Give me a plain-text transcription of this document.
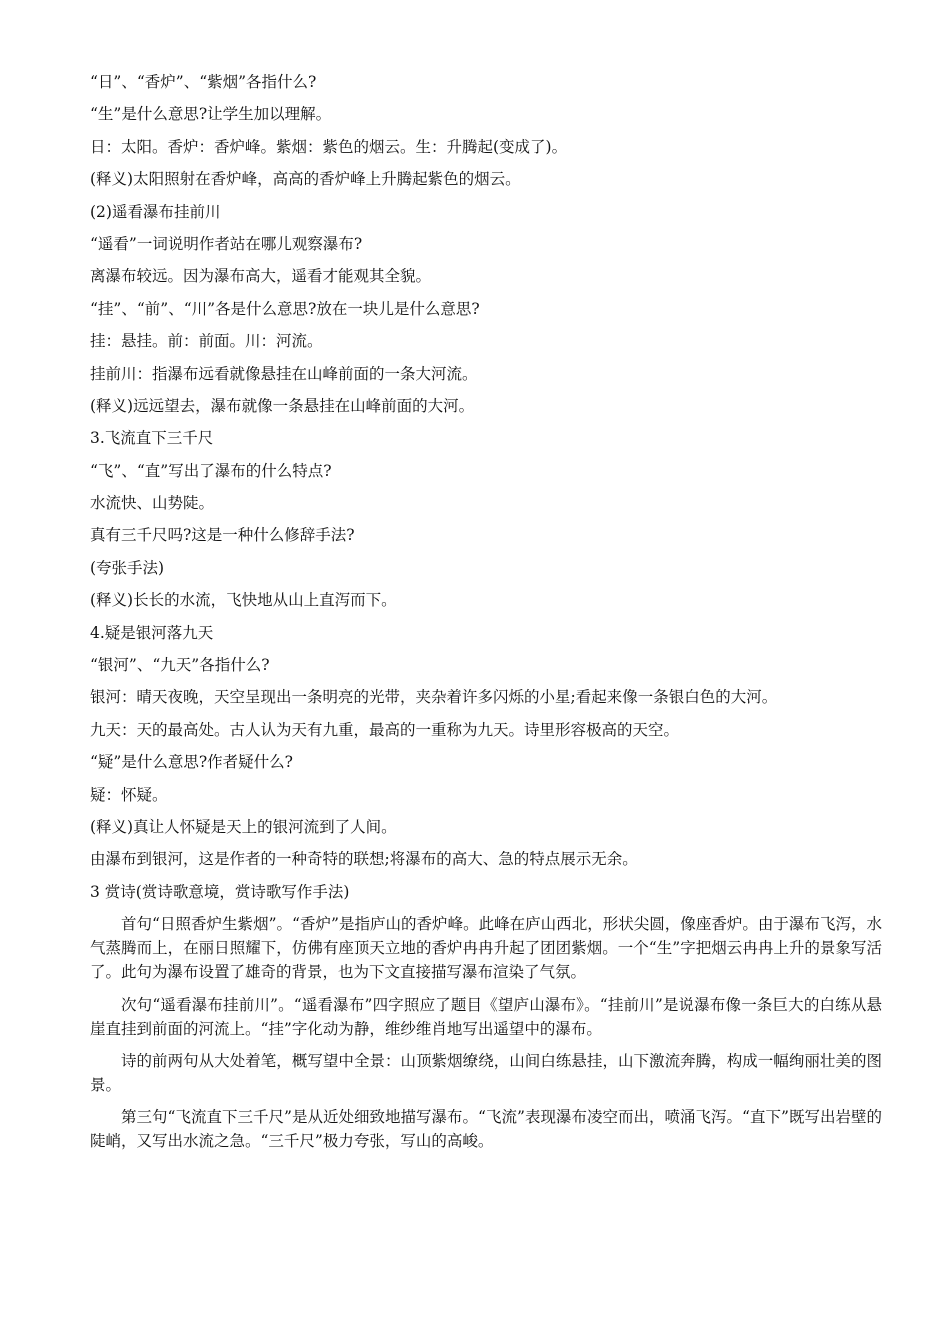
“日”、“香炉”、“紫烟”各指什么?
“生”是什么意思?让学生加以理解。
日：太阳。香炉：香炉峰。紫烟：紫色的烟云。生：升腾起(变成了)。
(释义)太阳照射在香炉峰，高高的香炉峰上升腾起紫色的烟云。
(2)遥看瀑布挂前川
“遥看”一词说明作者站在哪儿观察瀑布?
离瀑布较远。因为瀑布高大，遥看才能观其全貌。
“挂”、“前”、“川”各是什么意思?放在一块儿是什么意思?
挂：悬挂。前：前面。川：河流。
挂前川：指瀑布远看就像悬挂在山峰前面的一条大河流。
(释义)远远望去，瀑布就像一条悬挂在山峰前面的大河。
3.飞流直下三千尺
“飞”、“直”写出了瀑布的什么特点?
水流快、山势陡。
真有三千尺吗?这是一种什么修辞手法?
(夸张手法)
(释义)长长的水流，飞快地从山上直泻而下。
4.疑是银河落九天
“银河”、“九天”各指什么?
银河：晴天夜晚，天空呈现出一条明亮的光带，夹杂着许多闪烁的小星;看起来像一条银白色的大河。
九天：天的最高处。古人认为天有九重，最高的一重称为九天。诗里形容极高的天空。
“疑”是什么意思?作者疑什么?
疑：怀疑。
(释义)真让人怀疑是天上的银河流到了人间。
由瀑布到银河，这是作者的一种奇特的联想;将瀑布的高大、急的特点展示无余。
3 赏诗(赏诗歌意境，赏诗歌写作手法)

首句“日照香炉生紫烟”。“香炉”是指庐山的香炉峰。此峰在庐山西北，形状尖圆，像座香炉。由于瀑布飞泻，水气蒸腾而上，在丽日照耀下，仿佛有座顶天立地的香炉冉冉升起了团团紫烟。一个“生”字把烟云冉冉上升的景象写活了。此句为瀑布设置了雄奇的背景，也为下文直接描写瀑布渲染了气氛。

次句“遥看瀑布挂前川”。“遥看瀑布”四字照应了题目《望庐山瀑布》。“挂前川”是说瀑布像一条巨大的白练从悬崖直挂到前面的河流上。“挂”字化动为静，维纱维肖地写出遥望中的瀑布。

诗的前两句从大处着笔，概写望中全景：山顶紫烟缭绕，山间白练悬挂，山下激流奔腾，构成一幅绚丽壮美的图景。

第三句“飞流直下三千尺”是从近处细致地描写瀑布。“飞流”表现瀑布凌空而出，喷涌飞泻。“直下”既写出岩壁的陡峭，又写出水流之急。“三千尺”极力夸张，写山的高峻。
